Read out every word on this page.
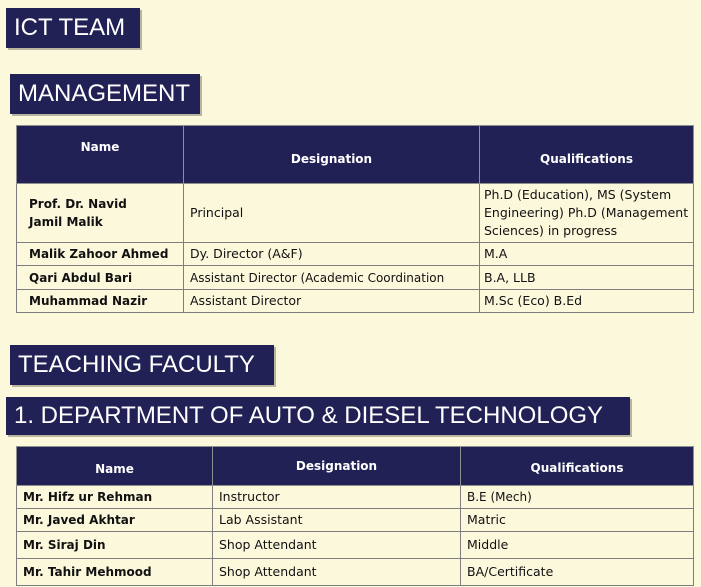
ICT TEAM
MANAGEMENT
Name	Designation	Qualifications
Prof. Dr. Navid Jamil Malik	Principal	Ph.D (Education), MS (System Engineering) Ph.D (Management Sciences) in progress
Malik Zahoor Ahmed	Dy. Director (A&F)	M.A
Qari Abdul Bari	Assistant Director (Academic Coordination	B.A, LLB
Muhammad Nazir	Assistant Director	M.Sc (Eco) B.Ed
TEACHING FACULTY
1. DEPARTMENT OF AUTO & DIESEL TECHNOLOGY
Name	Designation	Qualifications
Mr. Hifz ur Rehman	Instructor	B.E (Mech)
Mr. Javed Akhtar	Lab Assistant	Matric
Mr. Siraj Din	Shop Attendant	Middle
Mr. Tahir Mehmood	Shop Attendant	BA/Certificate
